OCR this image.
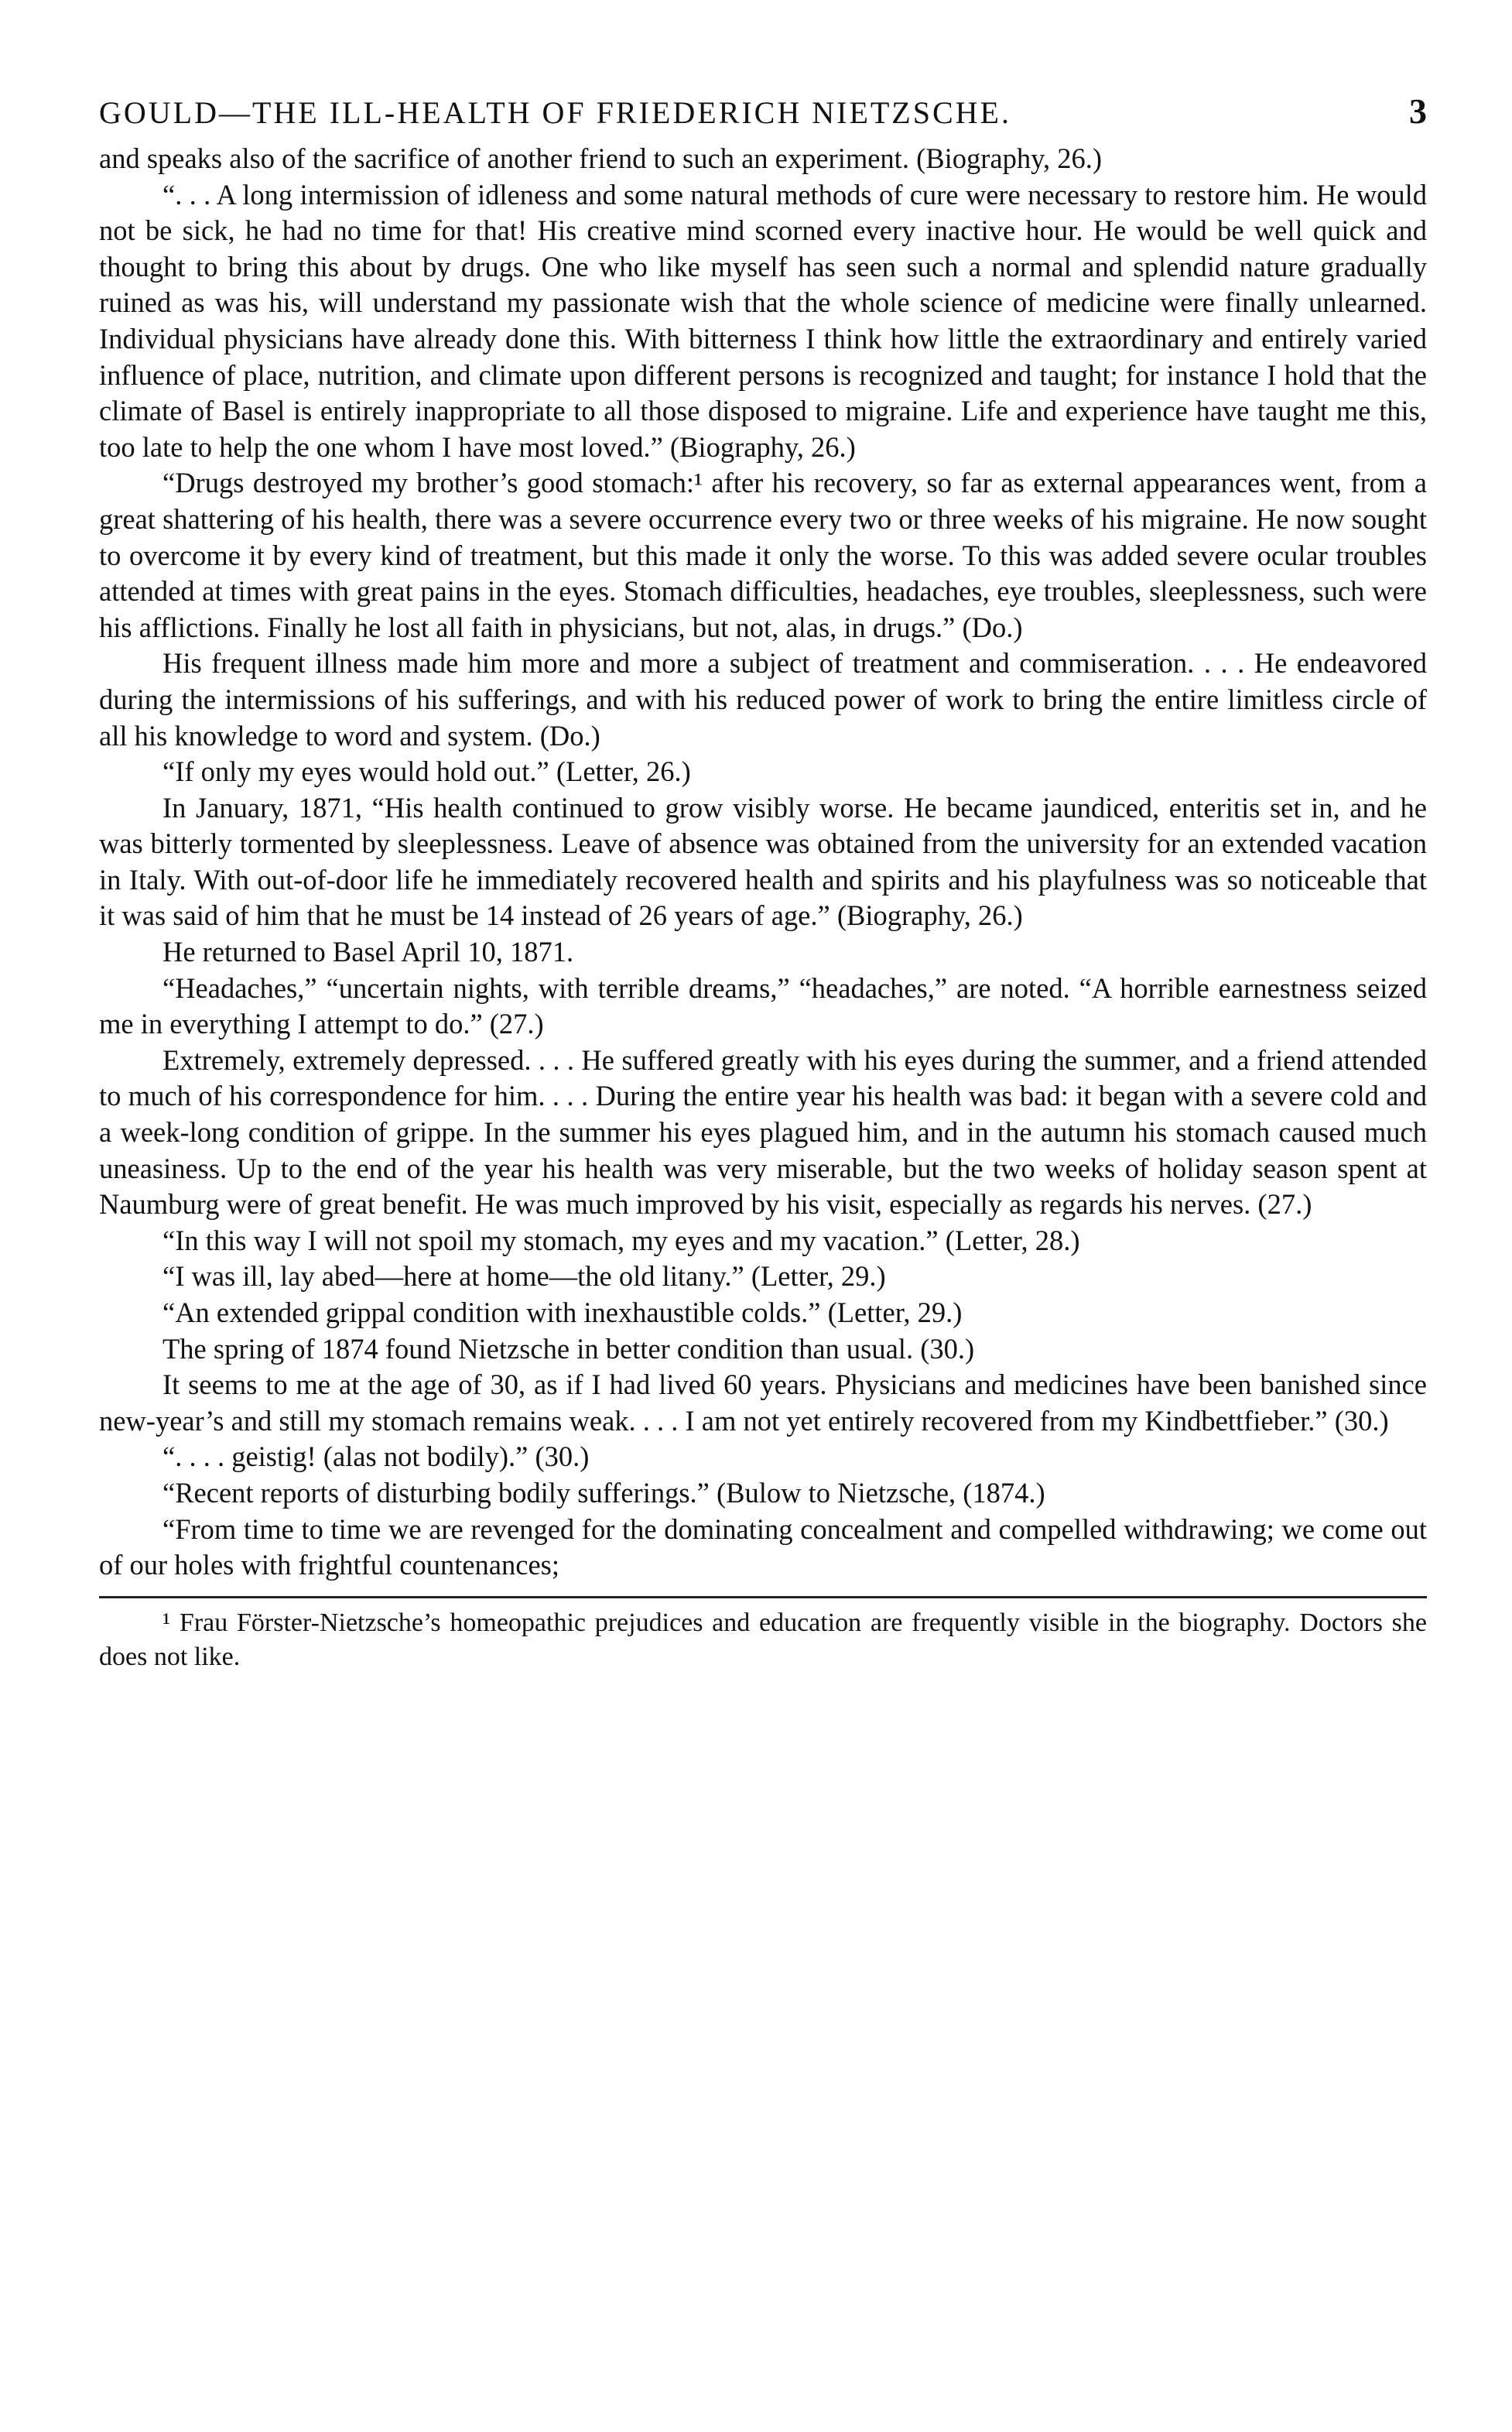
GOULD—THE ILL-HEALTH OF FRIEDERICH NIETZSCHE.	3

and speaks also of the sacrifice of another friend to such an experiment. (Biography, 26.)

“. . . A long intermission of idleness and some natural methods of cure were necessary to restore him. He would not be sick, he had no time for that! His creative mind scorned every inactive hour. He would be well quick and thought to bring this about by drugs. One who like myself has seen such a normal and splendid nature gradually ruined as was his, will understand my passionate wish that the whole science of medicine were finally unlearned. Individual physicians have already done this. With bitterness I think how little the extraordinary and entirely varied influence of place, nutrition, and climate upon different persons is recognized and taught; for instance I hold that the climate of Basel is entirely inappropriate to all those disposed to migraine. Life and experience have taught me this, too late to help the one whom I have most loved.” (Biography, 26.)

“Drugs destroyed my brother’s good stomach:¹ after his recovery, so far as external appearances went, from a great shattering of his health, there was a severe occurrence every two or three weeks of his migraine. He now sought to overcome it by every kind of treatment, but this made it only the worse. To this was added severe ocular troubles attended at times with great pains in the eyes. Stomach difficulties, headaches, eye troubles, sleeplessness, such were his afflictions. Finally he lost all faith in physicians, but not, alas, in drugs.” (Do.)

His frequent illness made him more and more a subject of treatment and commiseration. . . . He endeavored during the intermissions of his sufferings, and with his reduced power of work to bring the entire limitless circle of all his knowledge to word and system. (Do.)

“If only my eyes would hold out.” (Letter, 26.)

In January, 1871, “His health continued to grow visibly worse. He became jaundiced, enteritis set in, and he was bitterly tormented by sleeplessness. Leave of absence was obtained from the university for an extended vacation in Italy. With out-of-door life he immediately recovered health and spirits and his playfulness was so noticeable that it was said of him that he must be 14 instead of 26 years of age.” (Biography, 26.)

He returned to Basel April 10, 1871.

“Headaches,” “uncertain nights, with terrible dreams,” “headaches,” are noted. “A horrible earnestness seized me in everything I attempt to do.” (27.)

Extremely, extremely depressed. . . . He suffered greatly with his eyes during the summer, and a friend attended to much of his correspondence for him. . . . During the entire year his health was bad: it began with a severe cold and a week-long condition of grippe. In the summer his eyes plagued him, and in the autumn his stomach caused much uneasiness. Up to the end of the year his health was very miserable, but the two weeks of holiday season spent at Naumburg were of great benefit. He was much improved by his visit, especially as regards his nerves. (27.)

“In this way I will not spoil my stomach, my eyes and my vacation.” (Letter, 28.)

“I was ill, lay abed—here at home—the old litany.” (Letter, 29.)

“An extended grippal condition with inexhaustible colds.” (Letter, 29.)

The spring of 1874 found Nietzsche in better condition than usual. (30.)

It seems to me at the age of 30, as if I had lived 60 years. Physicians and medicines have been banished since new-year’s and still my stomach remains weak. . . . I am not yet entirely recovered from my Kindbettfieber.” (30.)

“. . . . geistig! (alas not bodily).” (30.)

“Recent reports of disturbing bodily sufferings.” (Bulow to Nietzsche, (1874.)

“From time to time we are revenged for the dominating concealment and compelled withdrawing; we come out of our holes with frightful countenances;

¹ Frau Förster-Nietzsche’s homeopathic prejudices and education are frequently visible in the biography. Doctors she does not like.
